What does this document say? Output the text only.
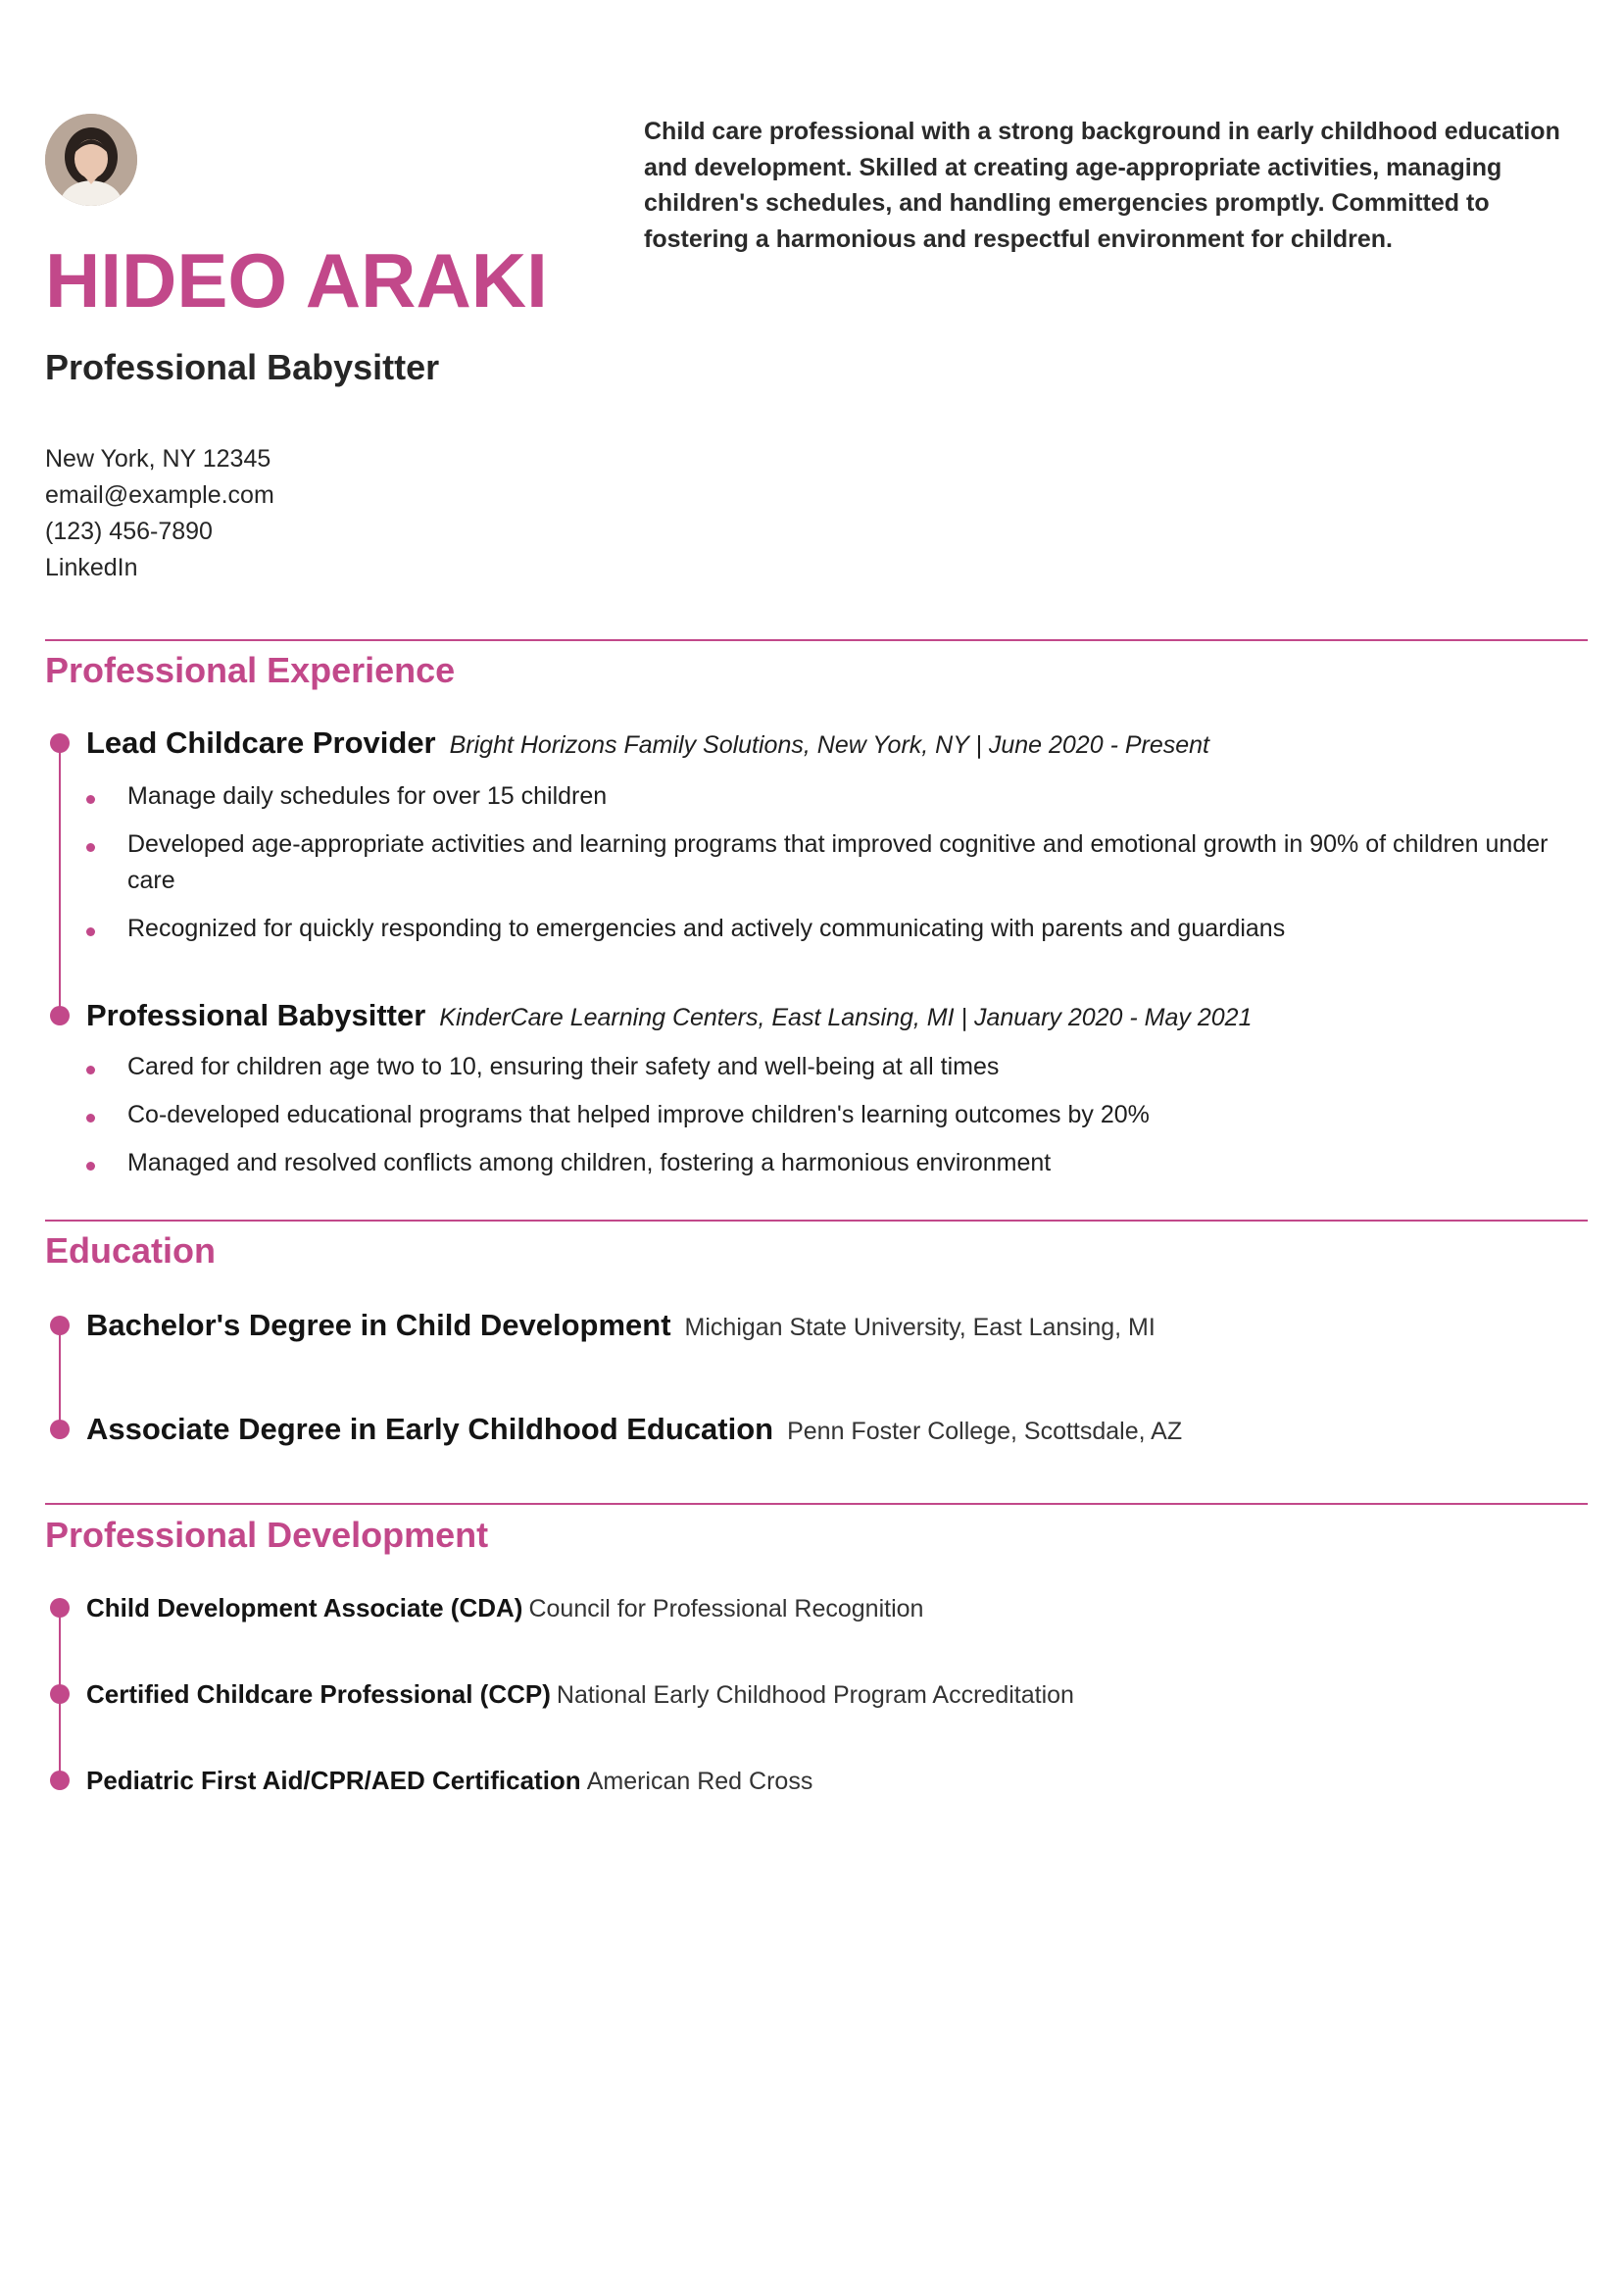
HIDEO ARAKI
Professional Babysitter
New York, NY 12345
email@example.com
(123) 456-7890
LinkedIn

Child care professional with a strong background in early childhood education and development. Skilled at creating age-appropriate activities, managing children's schedules, and handling emergencies promptly. Committed to fostering a harmonious and respectful environment for children.

Professional Experience
Lead Childcare Provider Bright Horizons Family Solutions, New York, NY | June 2020 - Present
Manage daily schedules for over 15 children
Developed age-appropriate activities and learning programs that improved cognitive and emotional growth in 90% of children under care
Recognized for quickly responding to emergencies and actively communicating with parents and guardians
Professional Babysitter KinderCare Learning Centers, East Lansing, MI | January 2020 - May 2021
Cared for children age two to 10, ensuring their safety and well-being at all times
Co-developed educational programs that helped improve children's learning outcomes by 20%
Managed and resolved conflicts among children, fostering a harmonious environment
Education
Bachelor's Degree in Child Development Michigan State University, East Lansing, MI
Associate Degree in Early Childhood Education Penn Foster College, Scottsdale, AZ
Professional Development
Child Development Associate (CDA) Council for Professional Recognition
Certified Childcare Professional (CCP) National Early Childhood Program Accreditation
Pediatric First Aid/CPR/AED Certification American Red Cross
